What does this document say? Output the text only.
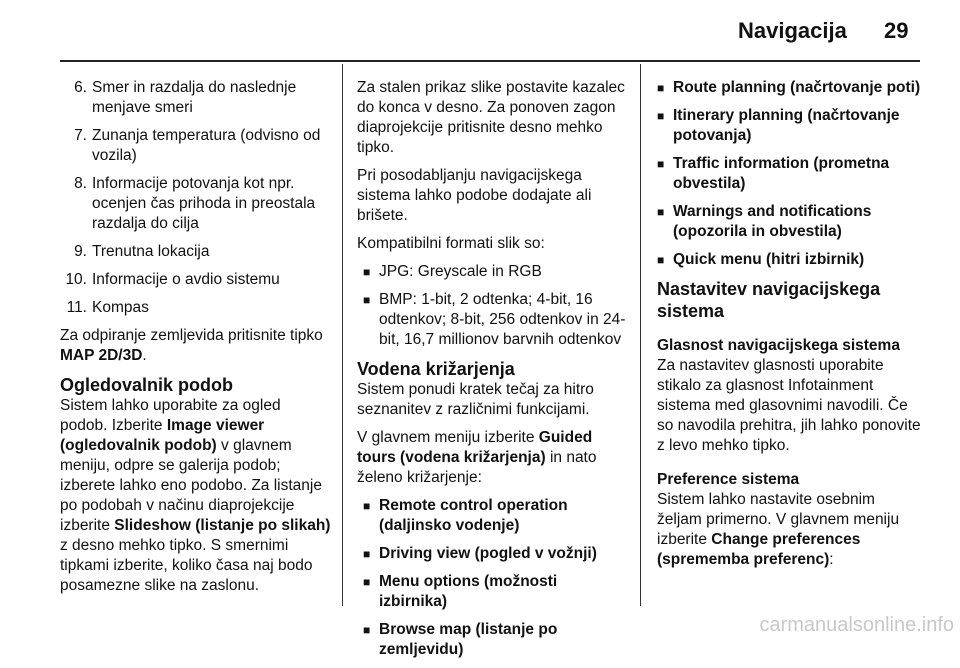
Navigacija 29
6. Smer in razdalja do naslednje menjave smeri
7. Zunanja temperatura (odvisno od vozila)
8. Informacije potovanja kot npr. ocenjen čas prihoda in preostala razdalja do cilja
9. Trenutna lokacija
10. Informacije o avdio sistemu
11. Kompas

Za odpiranje zemljevida pritisnite tipko MAP 2D/3D.

Ogledovalnik podob

Sistem lahko uporabite za ogled podob. Izberite Image viewer (ogledovalnik podob) v glavnem meniju, odpre se galerija podob; izberete lahko eno podobo. Za listanje po podobah v načinu diaprojekcije izberite Slideshow (listanje po slikah) z desno mehko tipko. S smernimi tipkami izberite, koliko časa naj bodo posamezne slike na zaslonu.

Za stalen prikaz slike postavite kazalec do konca v desno. Za ponoven zagon diaprojekcije pritisnite desno mehko tipko.

Pri posodabljanju navigacijskega sistema lahko podobe dodajate ali brišete.

Kompatibilni formati slik so:

■ JPG: Greyscale in RGB
■ BMP: 1-bit, 2 odtenka; 4-bit, 16 odtenkov; 8-bit, 256 odtenkov in 24-bit, 16,7 millionov barvnih odtenkov
Vodena križarjenja

Sistem ponudi kratek tečaj za hitro seznanitev z različnimi funkcijami.

V glavnem meniju izberite Guided tours (vodena križarjenja) in nato želeno križarjenje:

■ Remote control operation (daljinsko vodenje)
■ Driving view (pogled v vožnji)
■ Menu options (možnosti izbirnika)
■ Browse map (listanje po zemljevidu)
■ Route planning (načrtovanje poti)
■ Itinerary planning (načrtovanje potovanja)
■ Traffic information (prometna obvestila)
■ Warnings and notifications (opozorila in obvestila)
■ Quick menu (hitri izbirnik)
Nastavitev navigacijskega sistema
Glasnost navigacijskega sistema

Za nastavitev glasnosti uporabite stikalo za glasnost Infotainment sistema med glasovnimi navodili. Če so navodila prehitra, jih lahko ponovite z levo mehko tipko.

Preference sistema

Sistem lahko nastavite osebnim željam primerno. V glavnem meniju izberite Change preferences (sprememba preferenc):

carmanualsonline.info
